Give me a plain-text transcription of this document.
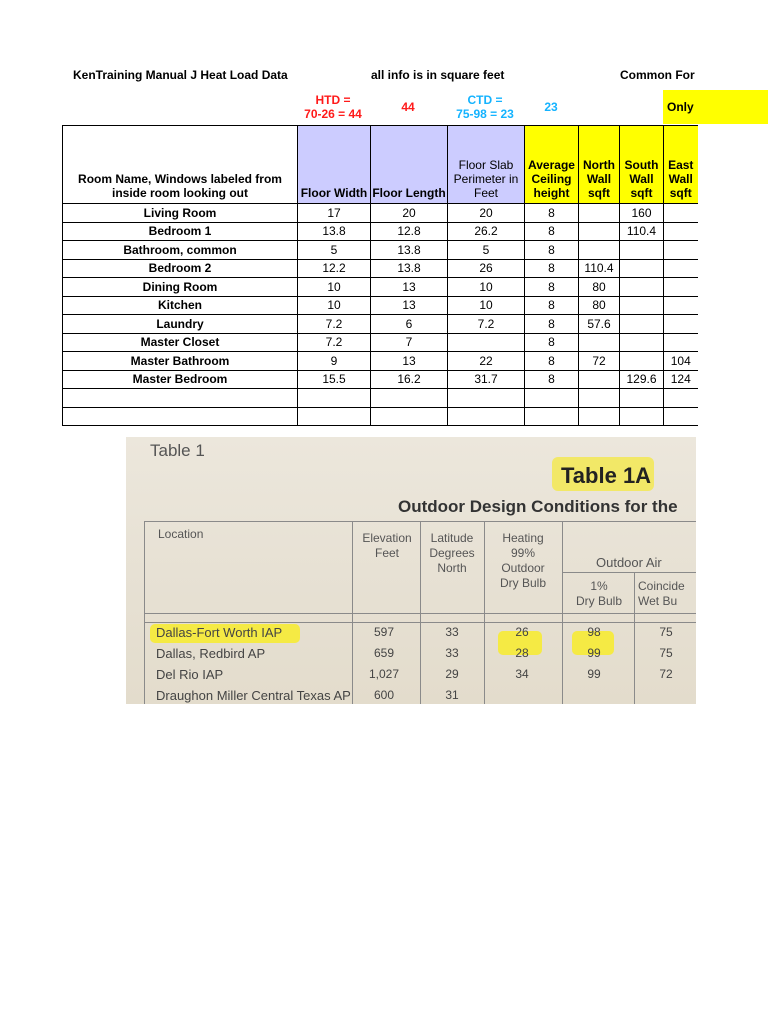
KenTraining Manual J Heat Load Data	all info is in square feet	Common For
HTD =
70-26 = 44	44	CTD =
75-98 = 23	23	Only
Room Name, Windows labeled from inside room looking out	Floor Width	Floor Length	Floor Slab Perimeter in Feet	Average Ceiling height	North Wall sqft	South Wall sqft	East Wall sqft
Living Room	17	20	20	8		160	
Bedroom 1	13.8	12.8	26.2	8		110.4	
Bathroom, common	5	13.8	5	8			
Bedroom 2	12.2	13.8	26	8	110.4		
Dining Room	10	13	10	8	80		
Kitchen	10	13	10	8	80		
Laundry	7.2	6	7.2	8	57.6		
Master Closet	7.2	7		8			
Master Bathroom	9	13	22	8	72		104
Master Bedroom	15.5	16.2	31.7	8		129.6	124

Table 1
Table 1A
Outdoor Design Conditions for the
Location	Elevation
Feet
Latitude
Degrees
North
Heating
99%
Outdoor
Dry Bulb
Outdoor Air
1%
Dry Bulb
Coincide
Wet Bu
Dallas-Fort Worth IAP	597	33	26	98	75
Dallas, Redbird AP	659	33	28	99	75
Del Rio IAP	1,027	29	34	99	72
Draughon Miller Central Texas AP	600	31
